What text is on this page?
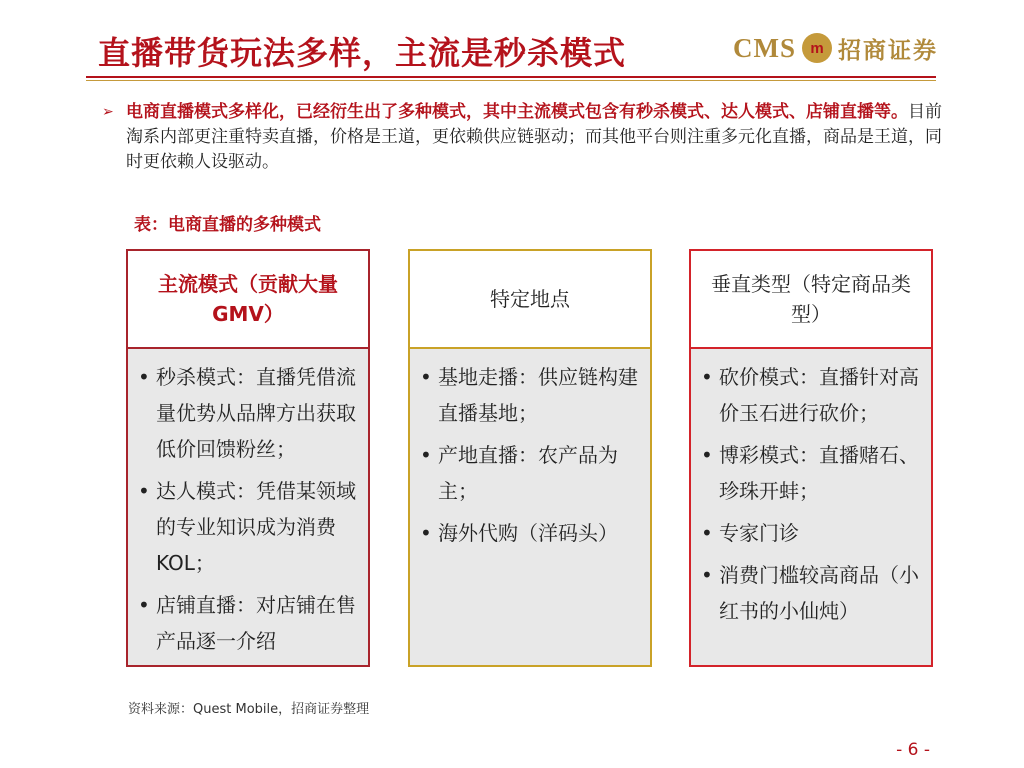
直播带货玩法多样，主流是秒杀模式	CMS m 招商证券
➢ 电商直播模式多样化，已经衍生出了多种模式，其中主流模式包含有秒杀模式、达人模式、店铺直播等。目前淘系内部更注重特卖直播，价格是王道，更依赖供应链驱动；而其他平台则注重多元化直播，商品是王道，同时更依赖人设驱动。

表：电商直播的多种模式
主流模式（贡献大量GMV）
• 秒杀模式：直播凭借流量优势从品牌方出获取低价回馈粉丝；
• 达人模式：凭借某领域的专业知识成为消费KOL；
• 店铺直播：对店铺在售产品逐一介绍
特定地点
• 基地走播：供应链构建直播基地；
• 产地直播：农产品为主；
• 海外代购（洋码头）
垂直类型（特定商品类型）
• 砍价模式：直播针对高价玉石进行砍价；
• 博彩模式：直播赌石、珍珠开蚌；
• 专家门诊
• 消费门槛较高商品（小红书的小仙炖）
资料来源：Quest Mobile，招商证券整理
- 6 -
